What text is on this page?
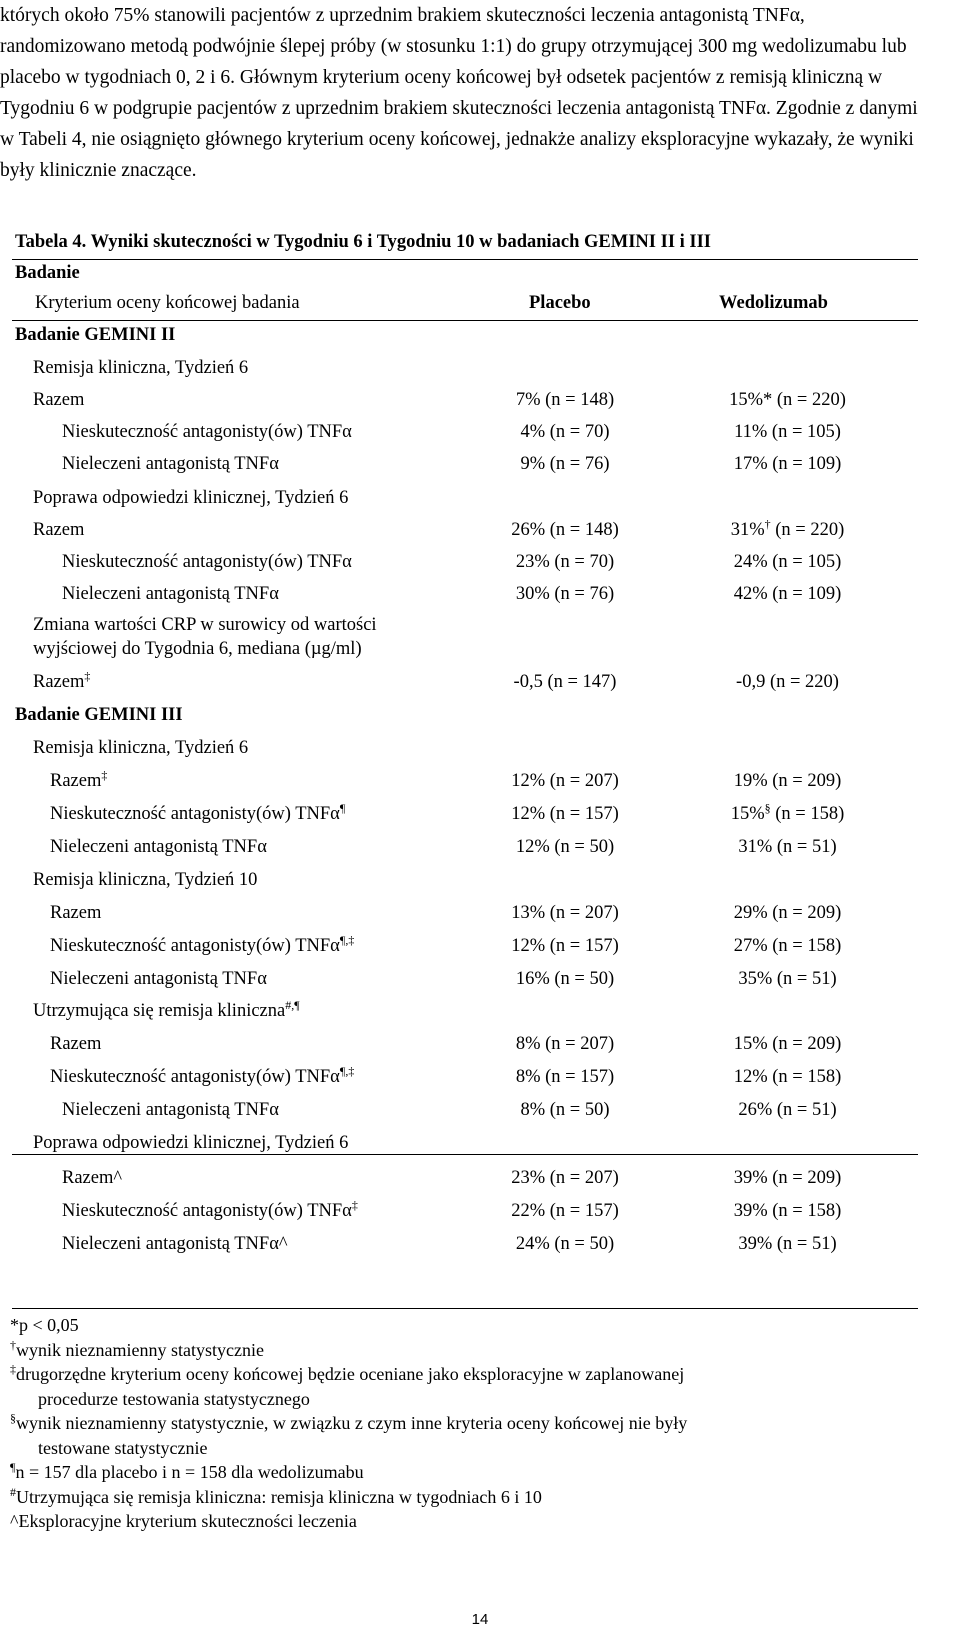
których około 75% stanowili pacjentów z uprzednim brakiem skuteczności leczenia antagonistą TNFα, randomizowano metodą podwójnie ślepej próby (w stosunku 1:1) do grupy otrzymującej 300 mg wedolizumabu lub placebo w tygodniach 0, 2 i 6. Głównym kryterium oceny końcowej był odsetek pacjentów z remisją kliniczną w Tygodniu 6 w podgrupie pacjentów z uprzednim brakiem skuteczności leczenia antagonistą TNFα. Zgodnie z danymi w Tabeli 4, nie osiągnięto głównego kryterium oceny końcowej, jednakże analizy eksploracyjne wykazały, że wyniki były klinicznie znaczące.

Tabela 4. Wyniki skuteczności w Tygodniu 6 i Tygodniu 10 w badaniach GEMINI II i III
Badanie
Kryterium oceny końcowej badania	Placebo	Wedolizumab
Badanie GEMINI II
Remisja kliniczna, Tydzień 6
Razem	7% (n = 148)	15%* (n = 220)
Nieskuteczność antagonisty(ów) TNFα	4% (n = 70)	11% (n = 105)
Nieleczeni antagonistą TNFα	9% (n = 76)	17% (n = 109)
Poprawa odpowiedzi klinicznej, Tydzień 6
Razem	26% (n = 148)	31%† (n = 220)
Nieskuteczność antagonisty(ów) TNFα	23% (n = 70)	24% (n = 105)
Nieleczeni antagonistą TNFα	30% (n = 76)	42% (n = 109)
Zmiana wartości CRP w surowicy od wartości
wyjściowej do Tygodnia 6, mediana (µg/ml)
Razem‡	-0,5 (n = 147)	-0,9 (n = 220)
Badanie GEMINI III
Remisja kliniczna, Tydzień 6
Razem‡	12% (n = 207)	19% (n = 209)
Nieskuteczność antagonisty(ów) TNFα¶	12% (n = 157)	15%§ (n = 158)
Nieleczeni antagonistą TNFα	12% (n = 50)	31% (n = 51)
Remisja kliniczna, Tydzień 10
Razem	13% (n = 207)	29% (n = 209)
Nieskuteczność antagonisty(ów) TNFα¶,‡	12% (n = 157)	27% (n = 158)
Nieleczeni antagonistą TNFα	16% (n = 50)	35% (n = 51)
Utrzymująca się remisja kliniczna#,¶
Razem	8% (n = 207)	15% (n = 209)
Nieskuteczność antagonisty(ów) TNFα¶,‡	8% (n = 157)	12% (n = 158)
Nieleczeni antagonistą TNFα	8% (n = 50)	26% (n = 51)
Poprawa odpowiedzi klinicznej, Tydzień 6
Razem^	23% (n = 207)	39% (n = 209)
Nieskuteczność antagonisty(ów) TNFα‡	22% (n = 157)	39% (n = 158)
Nieleczeni antagonistą TNFα^	24% (n = 50)	39% (n = 51)
*p < 0,05
†wynik nieznamienny statystycznie
‡drugorzędne kryterium oceny końcowej będzie oceniane jako eksploracyjne w zaplanowanej
procedurze testowania statystycznego
§wynik nieznamienny statystycznie, w związku z czym inne kryteria oceny końcowej nie były
testowane statystycznie
¶n = 157 dla placebo i n = 158 dla wedolizumabu
#Utrzymująca się remisja kliniczna: remisja kliniczna w tygodniach 6 i 10
^Eksploracyjne kryterium skuteczności leczenia
14
